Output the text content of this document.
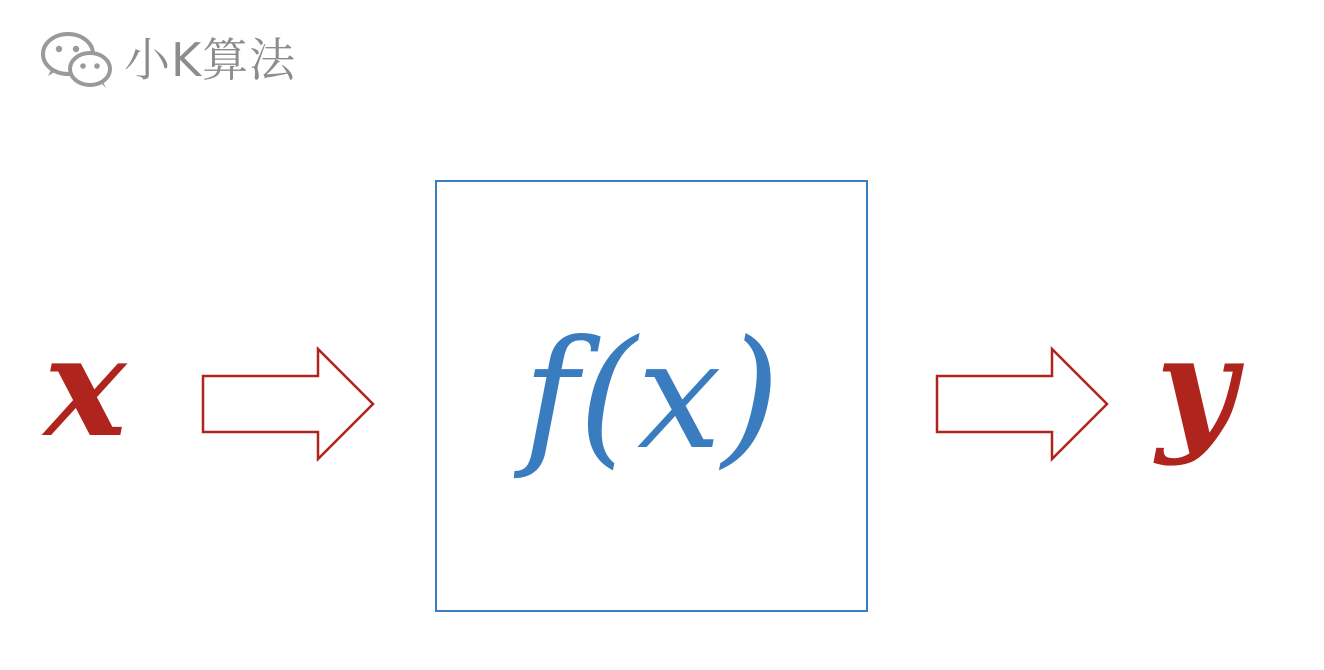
小K算法
x	f(x)	y
